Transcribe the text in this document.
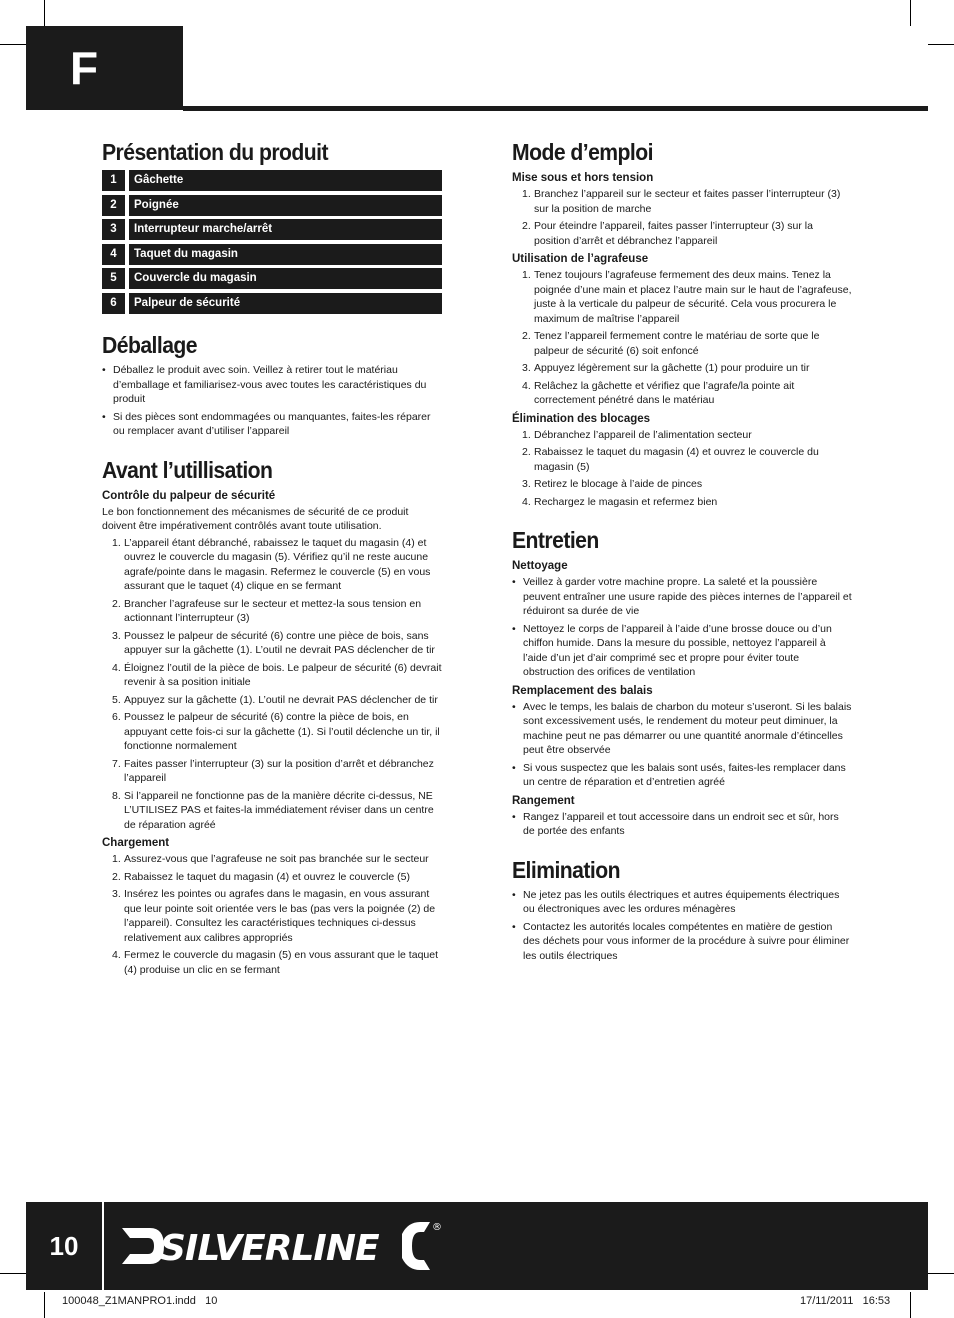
F
Présentation du produit
1	Gâchette
2	Poignée
3	Interrupteur marche/arrêt
4	Taquet du magasin
5	Couvercle du magasin
6	Palpeur de sécurité
Déballage
• Déballez le produit avec soin. Veillez à retirer tout le matériau d’emballage et familiarisez-vous avec toutes les caractéristiques du produit
• Si des pièces sont endommagées ou manquantes, faites-les réparer ou remplacer avant d’utiliser l’appareil
Avant l’utillisation
Contrôle du palpeur de sécurité

Le bon fonctionnement des mécanismes de sécurité de ce produit doivent être impérativement contrôlés avant toute utilisation.

1. L’appareil étant débranché, rabaissez le taquet du magasin (4) et ouvrez le couvercle du magasin (5). Vérifiez qu’il ne reste aucune agrafe/pointe dans le magasin. Refermez le couvercle (5) en vous assurant que le taquet (4) clique en se fermant
2. Brancher l’agrafeuse sur le secteur et mettez-la sous tension en actionnant l’interrupteur (3)
3. Poussez le palpeur de sécurité (6) contre une pièce de bois, sans appuyer sur la gâchette (1). L’outil ne devrait PAS déclencher de tir
4. Éloignez l’outil de la pièce de bois. Le palpeur de sécurité (6) devrait revenir à sa position initiale
5. Appuyez sur la gâchette (1). L’outil ne devrait PAS déclencher de tir
6. Poussez le palpeur de sécurité (6) contre la pièce de bois, en appuyant cette fois-ci sur la gâchette (1). Si l’outil déclenche un tir, il fonctionne normalement
7. Faites passer l’interrupteur (3) sur la position d’arrêt et débranchez l’appareil
8. Si l’appareil ne fonctionne pas de la manière décrite ci-dessus, NE L’UTILISEZ PAS et faites-la immédiatement réviser dans un centre de réparation agréé
Chargement
1. Assurez-vous que l’agrafeuse ne soit pas branchée sur le secteur
2. Rabaissez le taquet du magasin (4) et ouvrez le couvercle (5)
3. Insérez les pointes ou agrafes dans le magasin, en vous assurant que leur pointe soit orientée vers le bas (pas vers la poignée (2) de l’appareil). Consultez les caractéristiques techniques ci-dessus relativement aux calibres appropriés
4. Fermez le couvercle du magasin (5) en vous assurant que le taquet (4) produise un clic en se fermant
Mode d’emploi
Mise sous et hors tension
1. Branchez l’appareil sur le secteur et faites passer l’interrupteur (3) sur la position de marche
2. Pour éteindre l’appareil, faites passer l’interrupteur (3) sur la position d’arrêt et débranchez l’appareil
Utilisation de l’agrafeuse
1. Tenez toujours l’agrafeuse fermement des deux mains. Tenez la poignée d’une main et placez l’autre main sur le haut de l’agrafeuse, juste à la verticale du palpeur de sécurité. Cela vous procurera le maximum de maîtrise l’appareil
2. Tenez l’appareil fermement contre le matériau de sorte que le palpeur de sécurité (6) soit enfoncé
3. Appuyez légèrement sur la gâchette (1) pour produire un tir
4. Relâchez la gâchette et vérifiez que l’agrafe/la pointe ait correctement pénétré dans le matériau
Élimination des blocages
1. Débranchez l’appareil de l’alimentation secteur
2. Rabaissez le taquet du magasin (4) et ouvrez le couvercle du magasin (5)
3. Retirez le blocage à l’aide de pinces
4. Rechargez le magasin et refermez bien
Entretien
Nettoyage
• Veillez à garder votre machine propre. La saleté et la poussière peuvent entraîner une usure rapide des pièces internes de l’appareil et réduiront sa durée de vie
• Nettoyez le corps de l’appareil à l’aide d’une brosse douce ou d’un chiffon humide. Dans la mesure du possible, nettoyez l’appareil à l’aide d’un jet d’air comprimé sec et propre pour éviter toute obstruction des orifices de ventilation
Remplacement des balais
• Avec le temps, les balais de charbon du moteur s’useront. Si les balais sont excessivement usés, le rendement du moteur peut diminuer, la machine peut ne pas démarrer ou une quantité anormale d’étincelles peut être observée
• Si vous suspectez que les balais sont usés, faites-les remplacer dans un centre de réparation et d’entretien agréé
Rangement
• Rangez l’appareil et tout accessoire dans un endroit sec et sûr, hors de portée des enfants
Elimination
• Ne jetez pas les outils électriques et autres équipements électriques ou électroniques avec les ordures ménagères
• Contactez les autorités locales compétentes en matière de gestion des déchets pour vous informer de la procédure à suivre pour éliminer les outils électriques
10	SILVERLINE
®
100048_Z1MANPRO1.indd   10	17/11/2011   16:53
